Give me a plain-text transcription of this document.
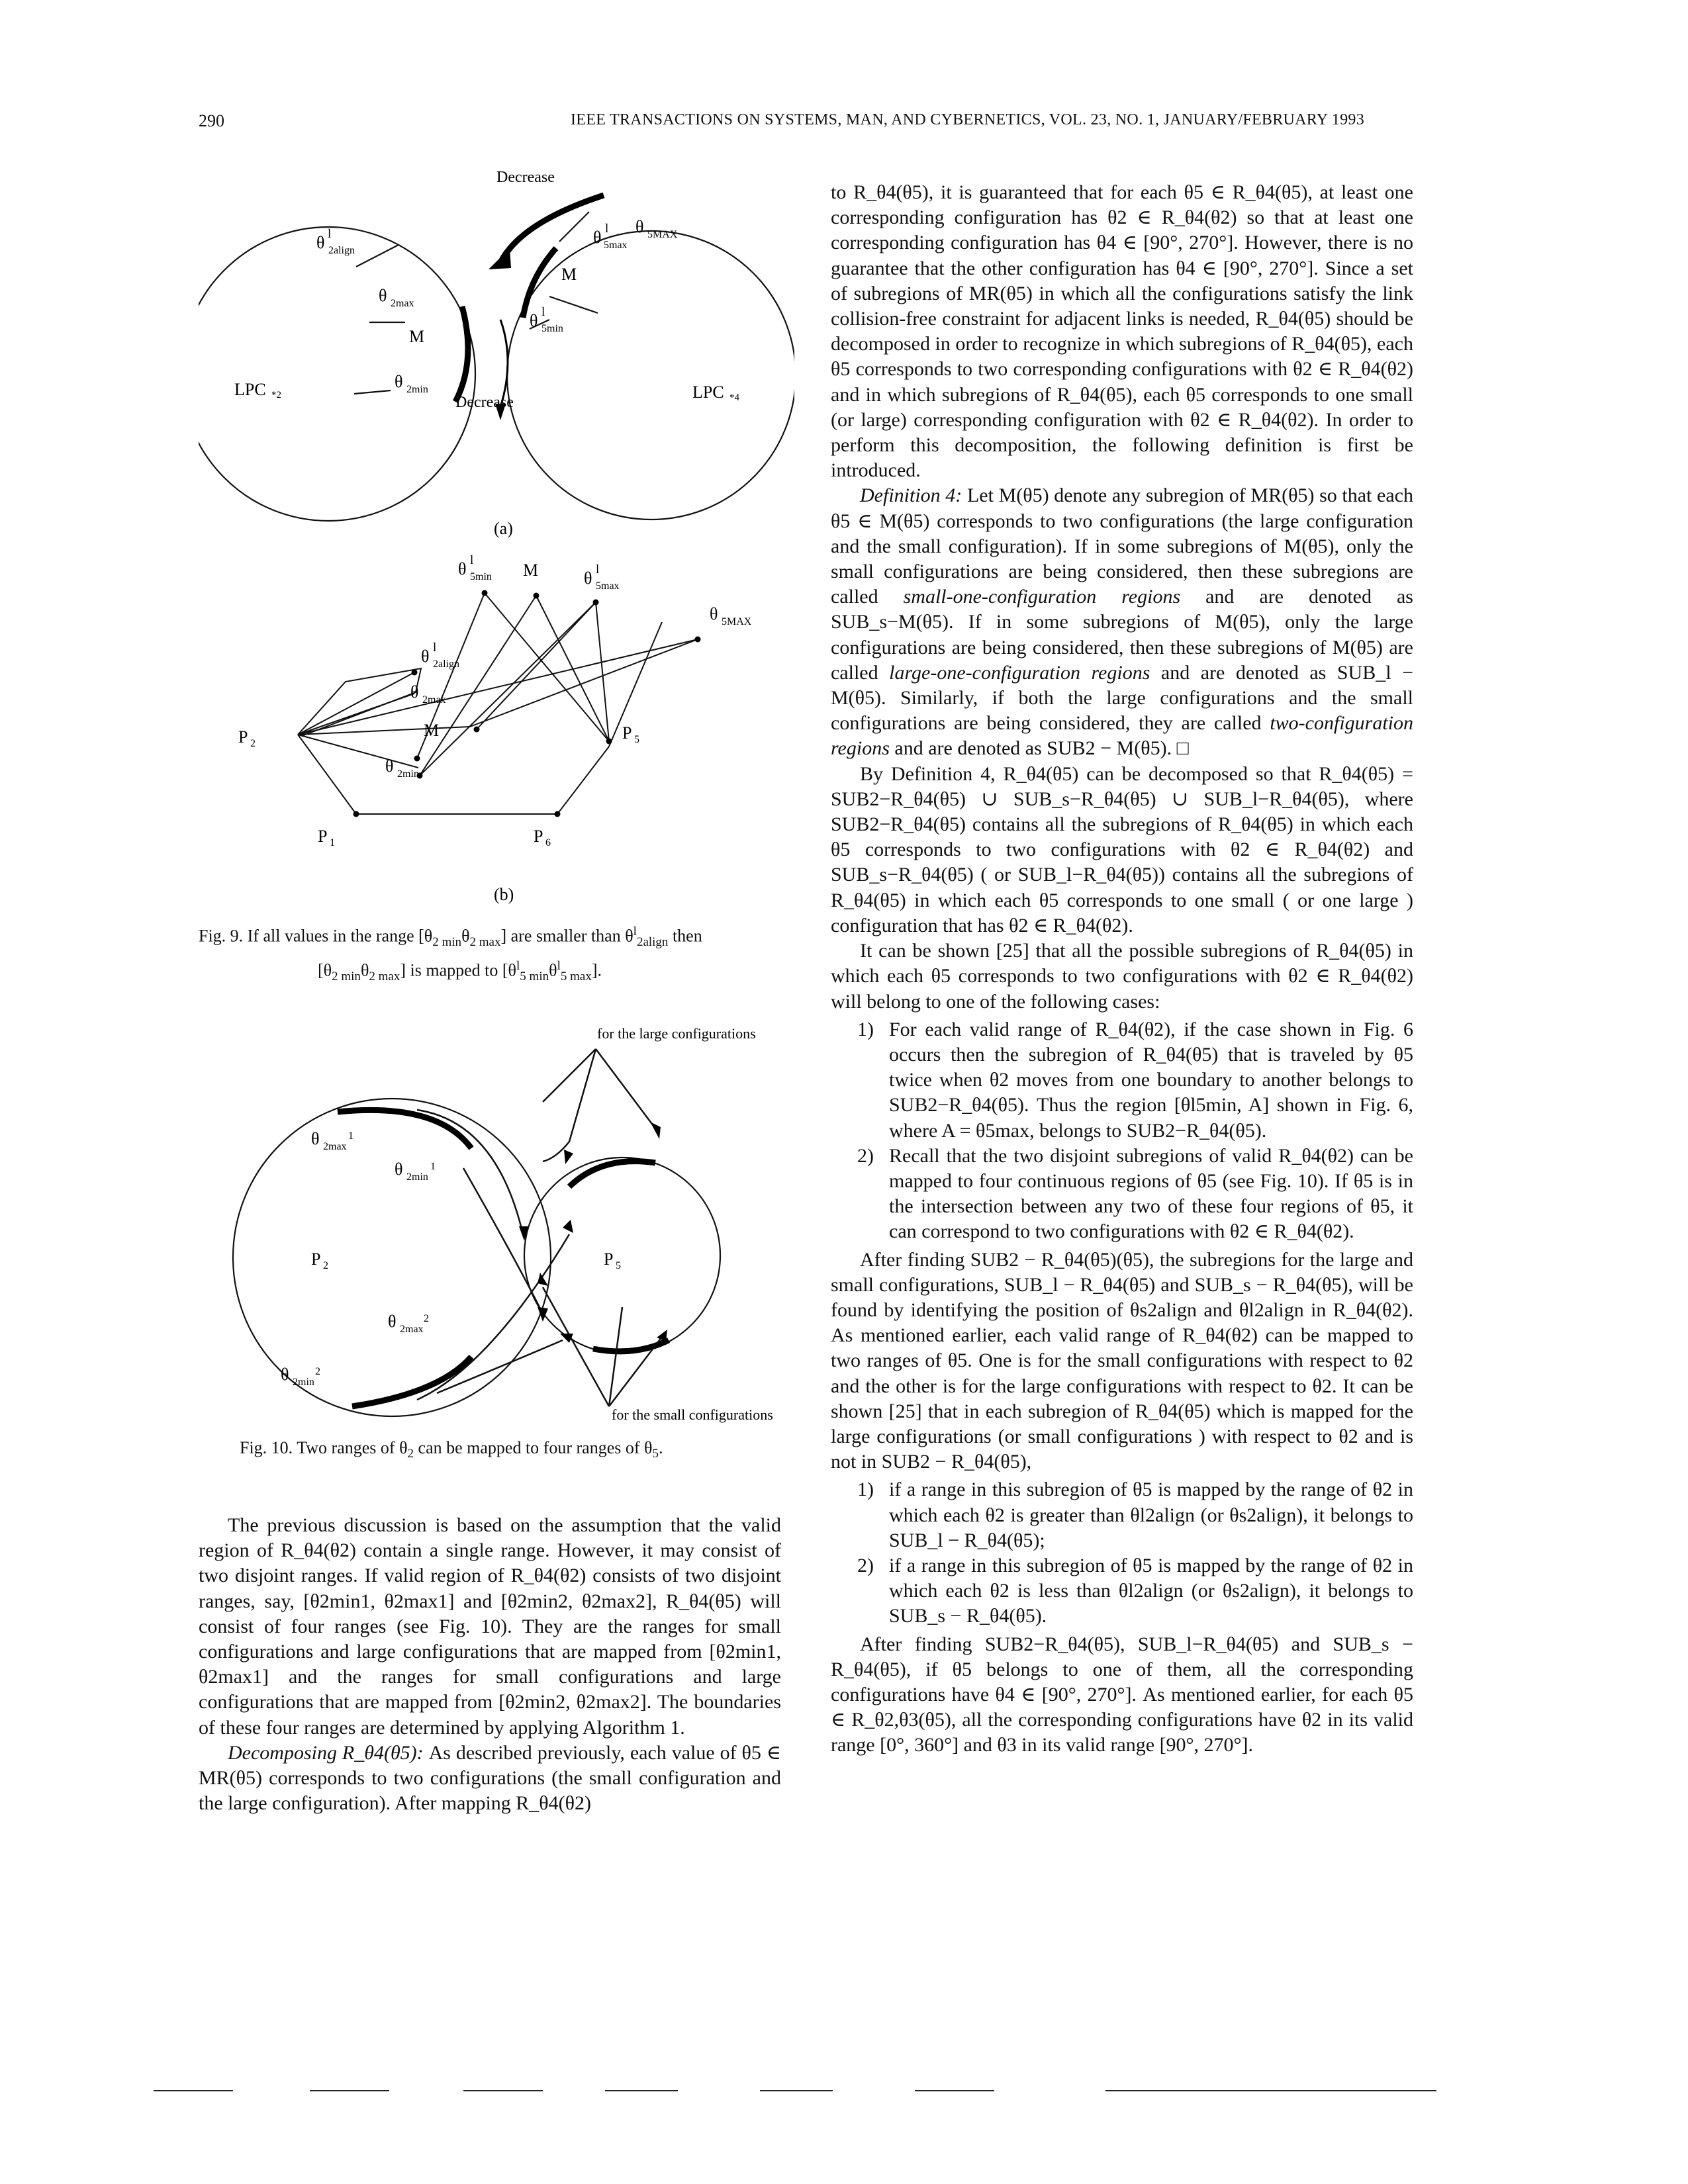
290	IEEE TRANSACTIONS ON SYSTEMS, MAN, AND CYBERNETICS, VOL. 23, NO. 1, JANUARY/FEBRUARY 1993
Decrease
Decrease
θ l
2align
θ 2max
M
θ 2min
LPC *2
θ l
5max
θ 5MAX
M
θ l
5min
LPC *4
(a)
θ l
5min M	θ l
5max
θ 5MAX
θ l
2align
θ 2max
M
θ 2min
P 2
P 5
P 1	P 6
(b)
Fig. 9. If all values in the range $[\theta_{2 min}\theta_{2 max}]$ are smaller than $\theta^l_{2align}$ then
$[\theta_{2 min}\theta_{2 max}]$ is mapped to $[\theta^l_{5 min}\theta^l_{5 max}]$.
for the large configurations
for the small configurations
θ 2max
1
θ 2min
1
P 2	P 5
θ 2max
2
θ 2min
2
Fig. 10. Two ranges of $\theta_2$ can be mapped to four ranges of $\theta_5$.

The previous discussion is based on the assumption that the valid region of R_θ4(θ2) contain a single range. However, it may consist of two disjoint ranges. If valid region of R_θ4(θ2) consists of two disjoint ranges, say, [θ2min1, θ2max1] and [θ2min2, θ2max2], R_θ4(θ5) will consist of four ranges (see Fig. 10). They are the ranges for small configurations and large configurations that are mapped from [θ2min1, θ2max1] and the ranges for small configurations and large configurations that are mapped from [θ2min2, θ2max2]. The boundaries of these four ranges are determined by applying Algorithm 1.

Decomposing R_θ4(θ5): As described previously, each value of θ5 ∈ MR(θ5) corresponds to two configurations (the small configuration and the large configuration). After mapping R_θ4(θ2)

to R_θ4(θ5), it is guaranteed that for each θ5 ∈ R_θ4(θ5), at least one corresponding configuration has θ2 ∈ R_θ4(θ2) so that at least one corresponding configuration has θ4 ∈ [90°, 270°]. However, there is no guarantee that the other configuration has θ4 ∈ [90°, 270°]. Since a set of subregions of MR(θ5) in which all the configurations satisfy the link collision-free constraint for adjacent links is needed, R_θ4(θ5) should be decomposed in order to recognize in which subregions of R_θ4(θ5), each θ5 corresponds to two corresponding configurations with θ2 ∈ R_θ4(θ2) and in which subregions of R_θ4(θ5), each θ5 corresponds to one small (or large) corresponding configuration with θ2 ∈ R_θ4(θ2). In order to perform this decomposition, the following definition is first be introduced.

Definition 4: Let M(θ5) denote any subregion of MR(θ5) so that each θ5 ∈ M(θ5) corresponds to two configurations (the large configuration and the small configuration). If in some subregions of M(θ5), only the small configurations are being considered, then these subregions are called small-one-configuration regions and are denoted as SUB_s−M(θ5). If in some subregions of M(θ5), only the large configurations are being considered, then these subregions of M(θ5) are called large-one-configuration regions and are denoted as SUB_l − M(θ5). Similarly, if both the large configurations and the small configurations are being considered, they are called two-configuration regions and are denoted as SUB2 − M(θ5). □

By Definition 4, R_θ4(θ5) can be decomposed so that R_θ4(θ5) = SUB2−R_θ4(θ5) ∪ SUB_s−R_θ4(θ5) ∪ SUB_l−R_θ4(θ5), where SUB2−R_θ4(θ5) contains all the subregions of R_θ4(θ5) in which each θ5 corresponds to two configurations with θ2 ∈ R_θ4(θ2) and SUB_s−R_θ4(θ5) ( or SUB_l−R_θ4(θ5)) contains all the subregions of R_θ4(θ5) in which each θ5 corresponds to one small ( or one large ) configuration that has θ2 ∈ R_θ4(θ2).

It can be shown [25] that all the possible subregions of R_θ4(θ5) in which each θ5 corresponds to two configurations with θ2 ∈ R_θ4(θ2) will belong to one of the following cases:

1) For each valid range of R_θ4(θ2), if the case shown in Fig. 6 occurs then the subregion of R_θ4(θ5) that is traveled by θ5 twice when θ2 moves from one boundary to another belongs to SUB2−R_θ4(θ5). Thus the region [θl5min, A] shown in Fig. 6, where A = θ5max, belongs to SUB2−R_θ4(θ5).
2) Recall that the two disjoint subregions of valid R_θ4(θ2) can be mapped to four continuous regions of θ5 (see Fig. 10). If θ5 is in the intersection between any two of these four regions of θ5, it can correspond to two configurations with θ2 ∈ R_θ4(θ2).

After finding SUB2 − R_θ4(θ5)(θ5), the subregions for the large and small configurations, SUB_l − R_θ4(θ5) and SUB_s − R_θ4(θ5), will be found by identifying the position of θs2align and θl2align in R_θ4(θ2). As mentioned earlier, each valid range of R_θ4(θ2) can be mapped to two ranges of θ5. One is for the small configurations with respect to θ2 and the other is for the large configurations with respect to θ2. It can be shown [25] that in each subregion of R_θ4(θ5) which is mapped for the large configurations (or small configurations ) with respect to θ2 and is not in SUB2 − R_θ4(θ5),

1) if a range in this subregion of θ5 is mapped by the range of θ2 in which each θ2 is greater than θl2align (or θs2align), it belongs to SUB_l − R_θ4(θ5);
2) if a range in this subregion of θ5 is mapped by the range of θ2 in which each θ2 is less than θl2align (or θs2align), it belongs to SUB_s − R_θ4(θ5).

After finding SUB2−R_θ4(θ5), SUB_l−R_θ4(θ5) and SUB_s − R_θ4(θ5), if θ5 belongs to one of them, all the corresponding configurations have θ4 ∈ [90°, 270°]. As mentioned earlier, for each θ5 ∈ R_θ2,θ3(θ5), all the corresponding configurations have θ2 in its valid range [0°, 360°] and θ3 in its valid range [90°, 270°].
